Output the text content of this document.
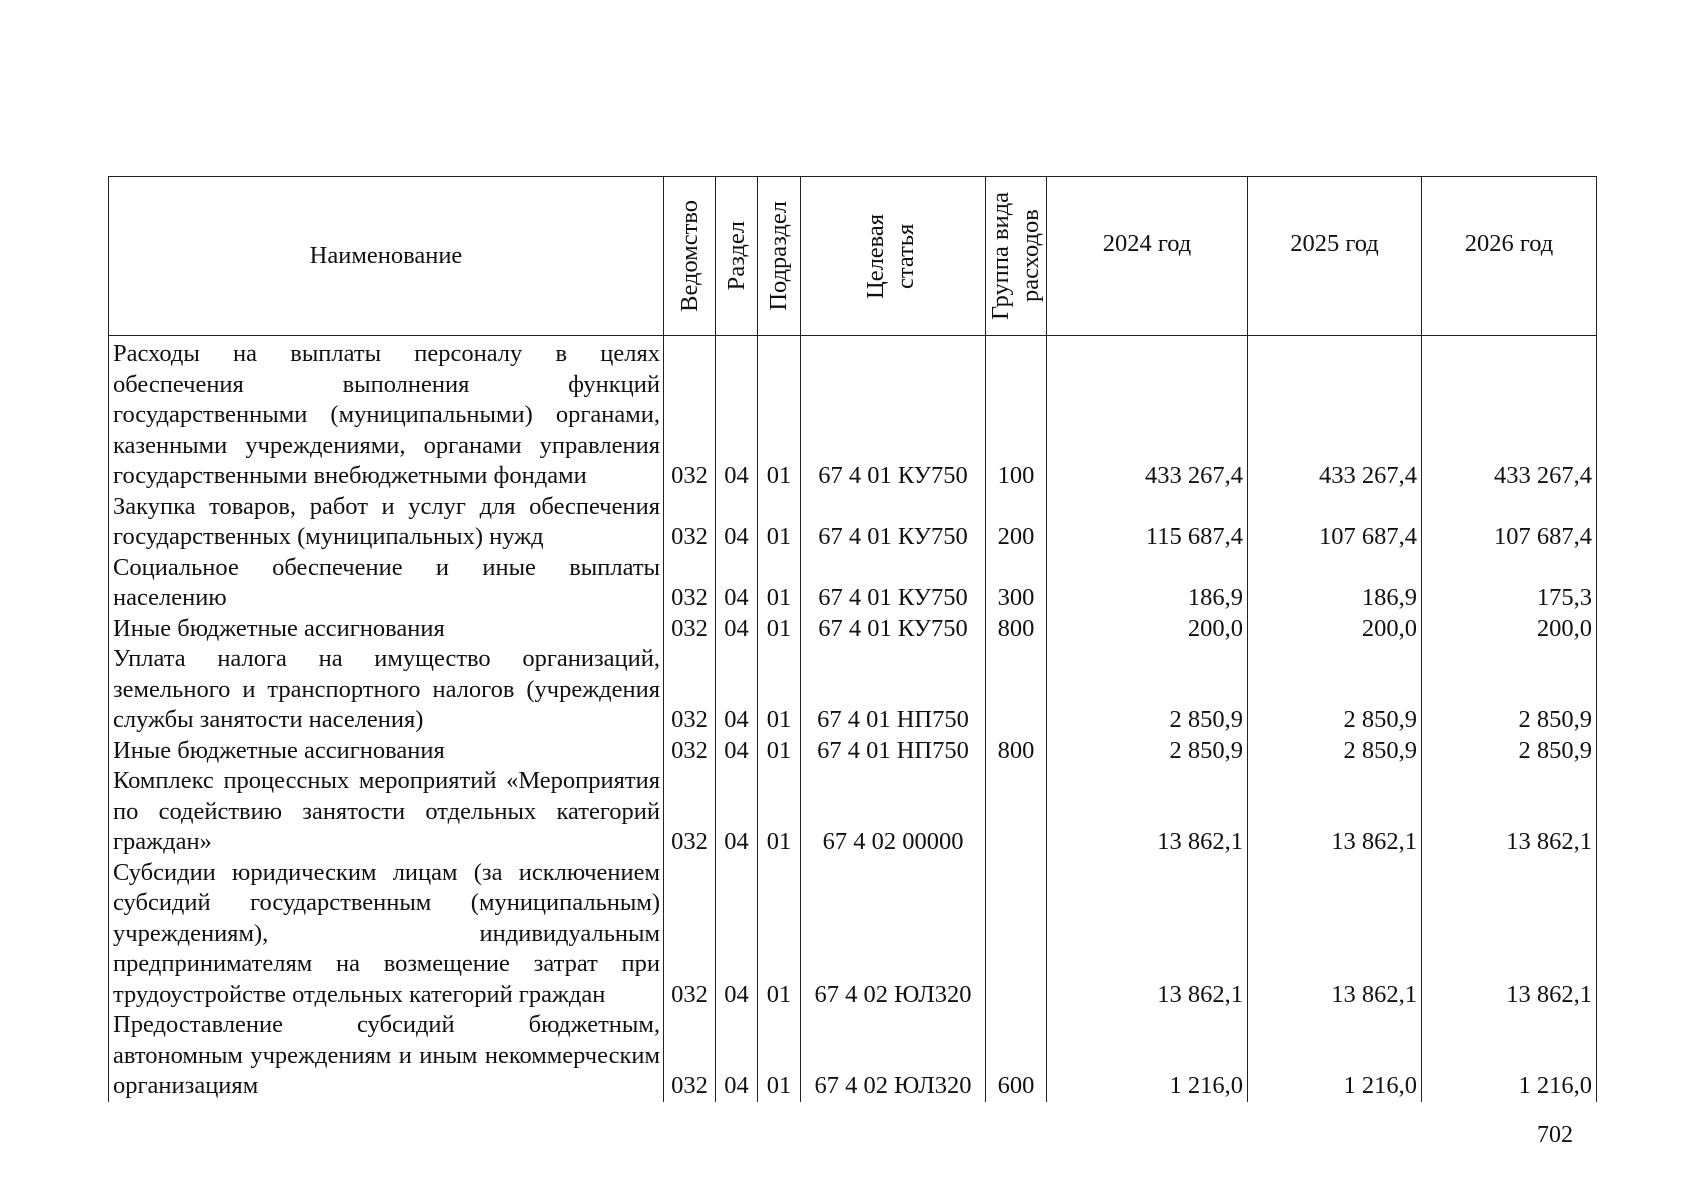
Наименование	Ведомство	Раздел	Подраздел	Целевая статья	Группа вида расходов	2024 год	2025 год	2026 год

Расходы на выплаты персоналу в целях обеспечения выполнения функций государственными (муниципальными) органами, казенными учреждениями, органами управления государственными внебюджетными фондами	032	04	01	67 4 01 КУ750	100	433 267,4	433 267,4	433 267,4
Закупка товаров, работ и услуг для обеспечения государственных (муниципальных) нужд	032	04	01	67 4 01 КУ750	200	115 687,4	107 687,4	107 687,4
Социальное обеспечение и иные выплаты населению	032	04	01	67 4 01 КУ750	300	186,9	186,9	175,3
Иные бюджетные ассигнования	032	04	01	67 4 01 КУ750	800	200,0	200,0	200,0
Уплата налога на имущество организаций, земельного и транспортного налогов (учреждения службы занятости населения)	032	04	01	67 4 01 НП750		2 850,9	2 850,9	2 850,9
Иные бюджетные ассигнования	032	04	01	67 4 01 НП750	800	2 850,9	2 850,9	2 850,9
Комплекс процессных мероприятий «Мероприятия по содействию занятости отдельных категорий граждан»	032	04	01	67 4 02 00000		13 862,1	13 862,1	13 862,1
Субсидии юридическим лицам (за исключением субсидий государственным (муниципальным) учреждениям), индивидуальным предпринимателям на возмещение затрат при трудоустройстве отдельных категорий граждан	032	04	01	67 4 02 ЮЛ320		13 862,1	13 862,1	13 862,1
Предоставление субсидий бюджетным, автономным учреждениям и иным некоммерческим организациям	032	04	01	67 4 02 ЮЛ320	600	1 216,0	1 216,0	1 216,0
702
